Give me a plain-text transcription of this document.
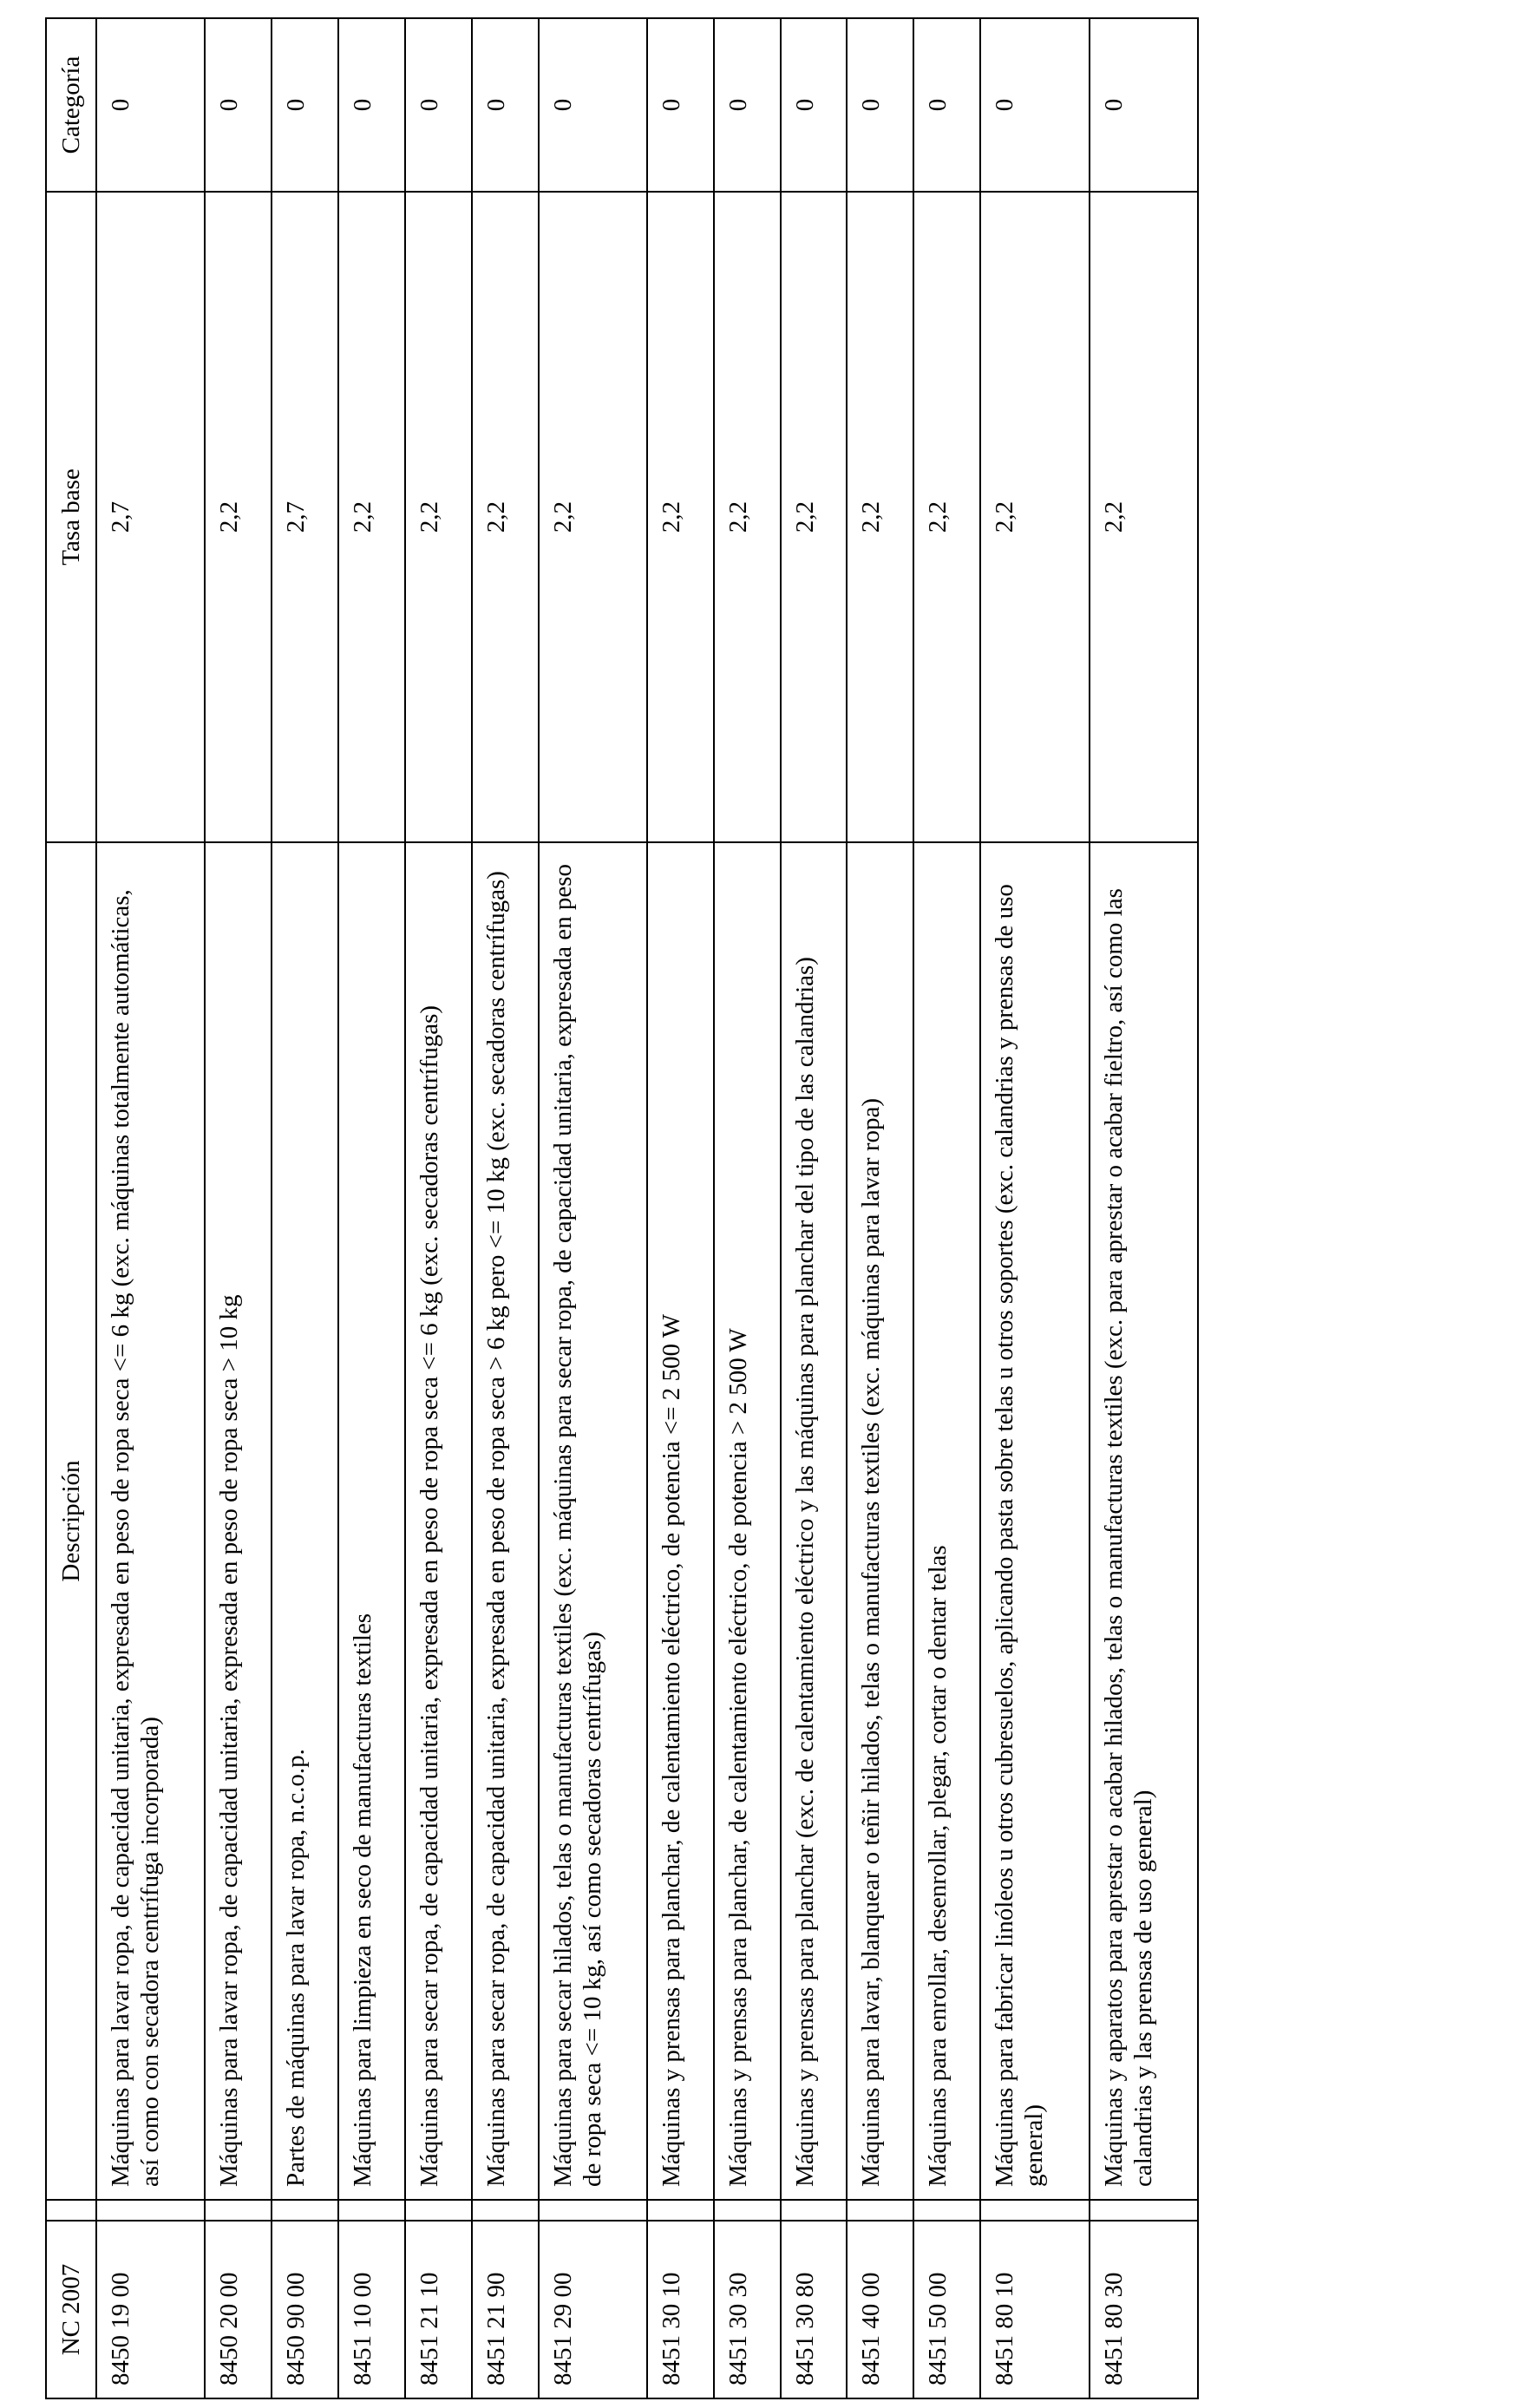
NC 2007		Descripción	Tasa base	Categoría
8450 19 00		Máquinas para lavar ropa, de capacidad unitaria, expresada en peso de ropa seca <= 6 kg (exc. máquinas totalmente automáticas, así como con secadora centrífuga incorporada)	2,7	0
8450 20 00		Máquinas para lavar ropa, de capacidad unitaria, expresada en peso de ropa seca > 10 kg	2,2	0
8450 90 00		Partes de máquinas para lavar ropa, n.c.o.p.	2,7	0
8451 10 00		Máquinas para limpieza en seco de manufacturas textiles	2,2	0
8451 21 10		Máquinas para secar ropa, de capacidad unitaria, expresada en peso de ropa seca <= 6 kg (exc. secadoras centrífugas)	2,2	0
8451 21 90		Máquinas para secar ropa, de capacidad unitaria, expresada en peso de ropa seca > 6 kg pero <= 10 kg (exc. secadoras centrífugas)	2,2	0
8451 29 00		Máquinas para secar hilados, telas o manufacturas textiles (exc. máquinas para secar ropa, de capacidad unitaria, expresada en peso de ropa seca <= 10 kg, así como secadoras centrífugas)	2,2	0
8451 30 10		Máquinas y prensas para planchar, de calentamiento eléctrico, de potencia <= 2 500 W	2,2	0
8451 30 30		Máquinas y prensas para planchar, de calentamiento eléctrico, de potencia > 2 500 W	2,2	0
8451 30 80		Máquinas y prensas para planchar (exc. de calentamiento eléctrico y las máquinas para planchar del tipo de las calandrias)	2,2	0
8451 40 00		Máquinas para lavar, blanquear o teñir hilados, telas o manufacturas textiles (exc. máquinas para lavar ropa)	2,2	0
8451 50 00		Máquinas para enrollar, desenrollar, plegar, cortar o dentar telas	2,2	0
8451 80 10		Máquinas para fabricar linóleos u otros cubresuelos, aplicando pasta sobre telas u otros soportes (exc. calandrias y prensas de uso general)	2,2	0
8451 80 30		Máquinas y aparatos para aprestar o acabar hilados, telas o manufacturas textiles (exc. para aprestar o acabar fieltro, así como las calandrias y las prensas de uso general)	2,2	0
